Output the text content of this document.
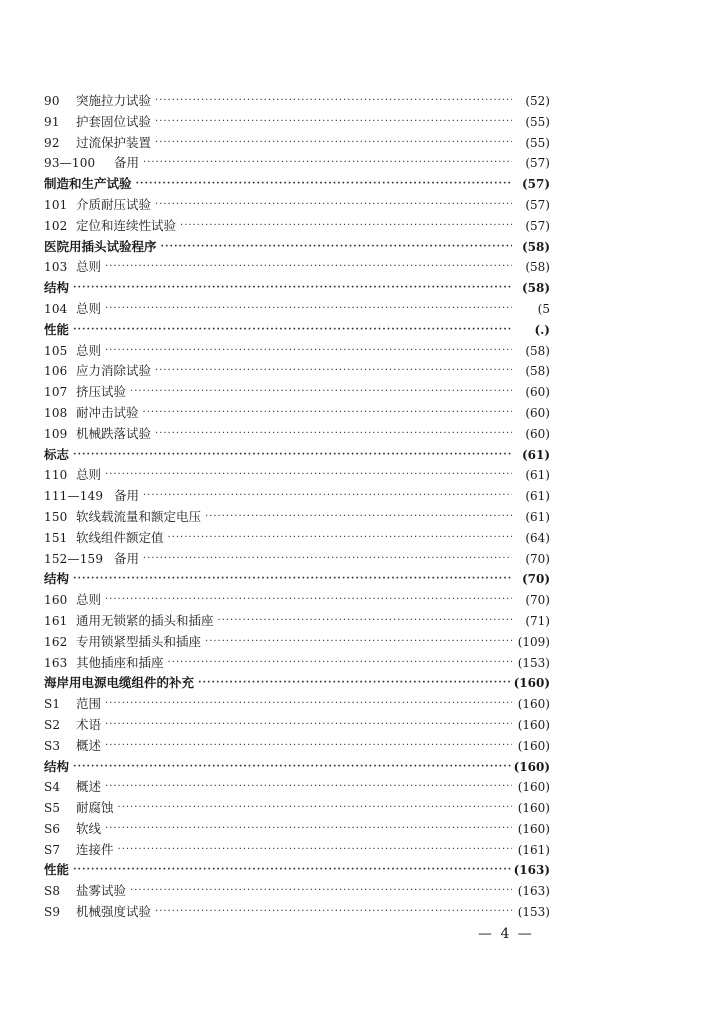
90	突施拉力试验 ·····	(52)
91	护套固位试验 ·····	(55)
92	过流保护装置 ·····	(55)
93—100	备用 ·····	(57)
制造和生产试验 ·····	(57)
101 介质耐压试验 ·····	(57)
102 定位和连续性试验 ·····	(57)
医院用插头试验程序 ·····	(58)
103 总则 ·····	(58)
结构 ·····	(58)
104 总则 ·····	(5
性能 ·····	(.)
105 总则 ·····	(58)
106 应力消除试验 ·····	(58)
107 挤压试验 ·····	(60)
108 耐冲击试验 ·····	(60)
109 机械跌落试验 ·····	(60)
标志 ·····	(61)
110 总则 ·····	(61)
111—149 备用 ·····	(61)
150 软线载流量和额定电压 ·····	(61)
151 软线组件额定值 ·····	(64)
152—159 备用 ·····	(70)
结构 ·····	(70)
160 总则 ·····	(70)
161 通用无锁紧的插头和插座 ·····	(71)
162 专用锁紧型插头和插座 ·····	(109)
163 其他插座和插座 ·····	(153)
海岸用电源电缆组件的补充 ·····	(160)
S1	范围 ·····	(160)
S2	术语 ·····	(160)
S3	概述 ·····	(160)
结构 ·····	(160)
S4	概述 ·····	(160)
S5	耐腐蚀 ·····	(160)
S6	软线 ·····	(160)
S7	连接件 ·····	(161)
性能 ·····	(163)
S8	盐雾试验 ·····	(163)
S9	机械强度试验 ·····	(153)
— 4 —
